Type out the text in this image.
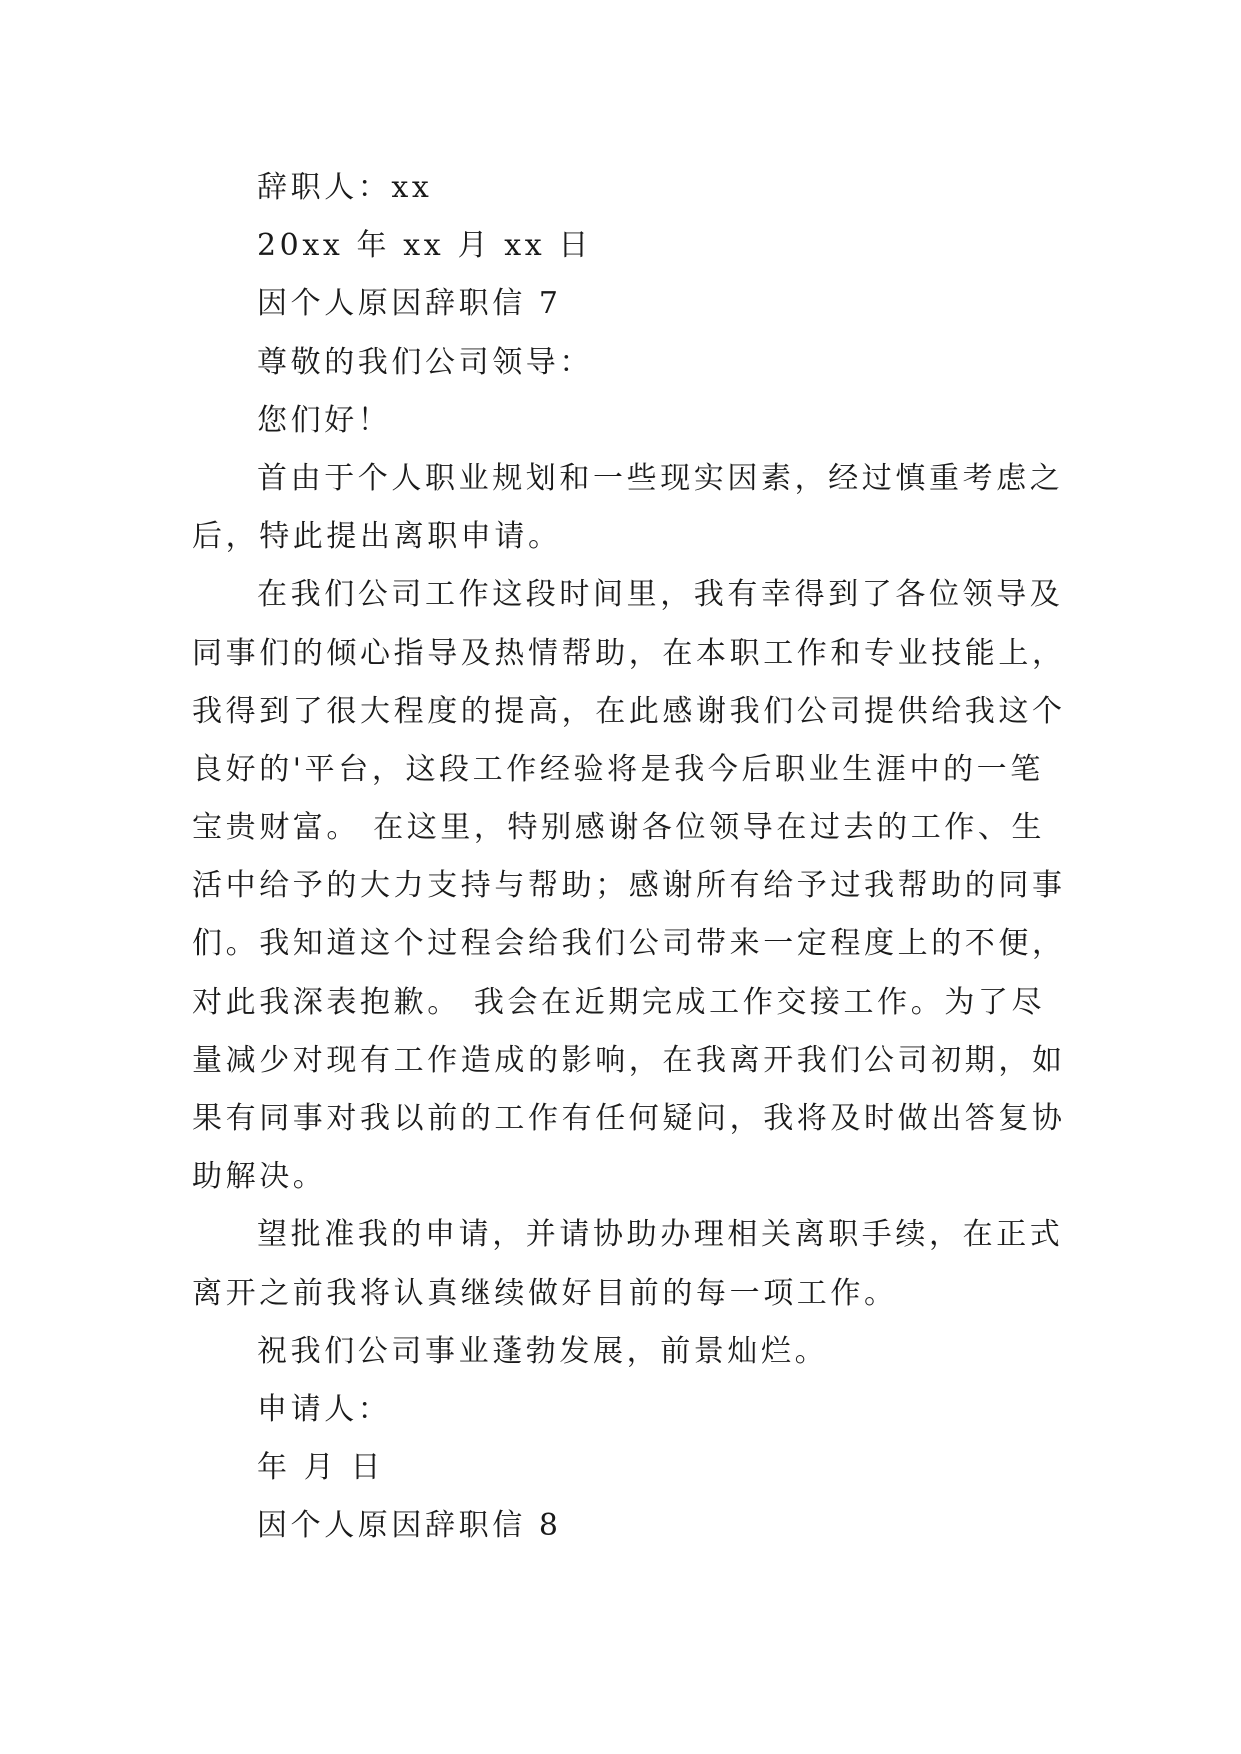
辞职人：xx
20xx 年 xx 月 xx 日
因个人原因辞职信 7
尊敬的我们公司领导：
您们好！
首由于个人职业规划和一些现实因素，经过慎重考虑之
后，特此提出离职申请。
在我们公司工作这段时间里，我有幸得到了各位领导及
同事们的倾心指导及热情帮助，在本职工作和专业技能上，
我得到了很大程度的提高，在此感谢我们公司提供给我这个
良好的'平台，这段工作经验将是我今后职业生涯中的一笔
宝贵财富。 在这里，特别感谢各位领导在过去的工作、生
活中给予的大力支持与帮助；感谢所有给予过我帮助的同事
们。我知道这个过程会给我们公司带来一定程度上的不便，
对此我深表抱歉。 我会在近期完成工作交接工作。为了尽
量减少对现有工作造成的影响，在我离开我们公司初期，如
果有同事对我以前的工作有任何疑问，我将及时做出答复协
助解决。
望批准我的申请，并请协助办理相关离职手续，在正式
离开之前我将认真继续做好目前的每一项工作。
祝我们公司事业蓬勃发展，前景灿烂。
申请人：
年 月 日
因个人原因辞职信 8
